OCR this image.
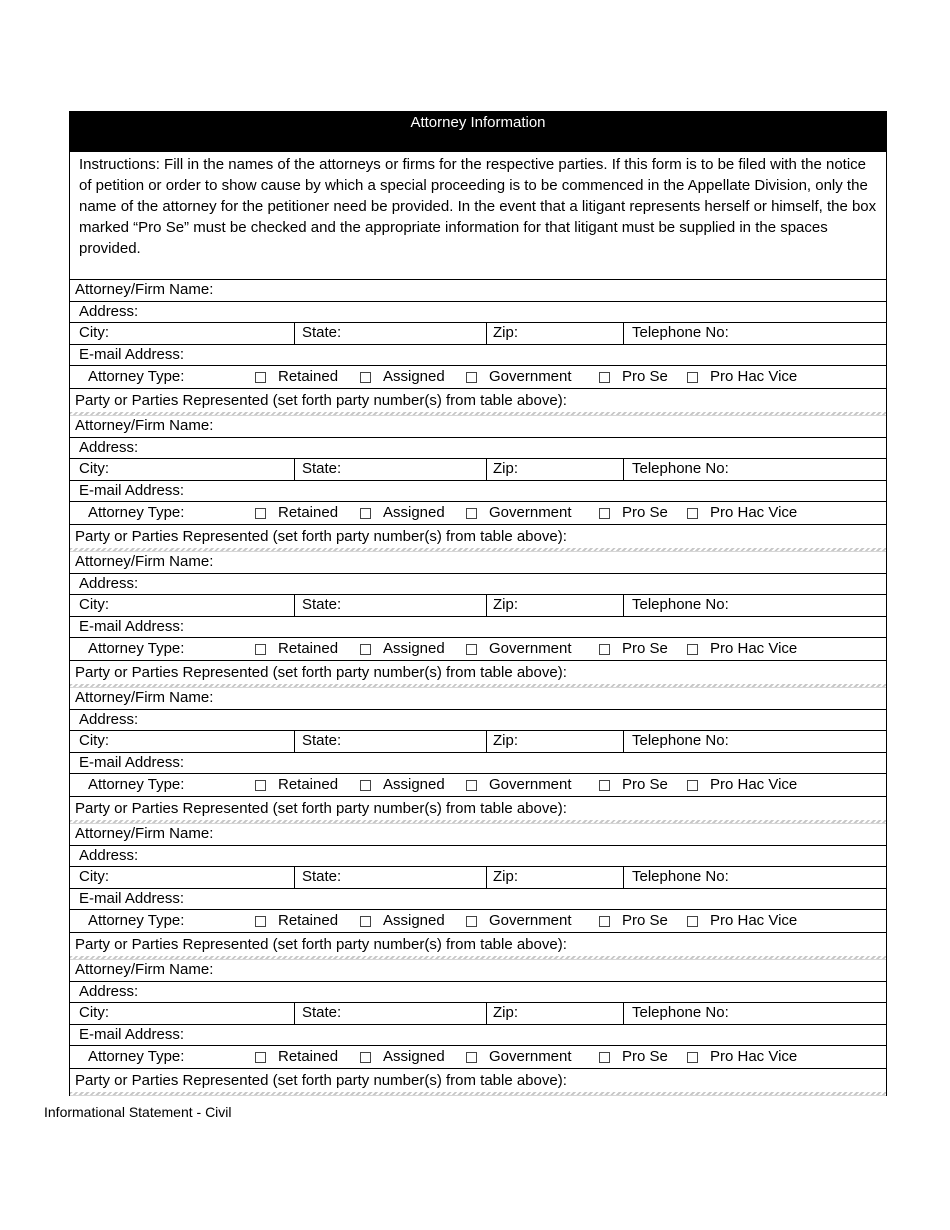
Attorney Information
Instructions: Fill in the names of the attorneys or firms for the respective parties. If this form is to be filed with the notice of petition or order to show cause by which a special proceeding is to be commenced in the Appellate Division, only the name of the attorney for the petitioner need be provided. In the event that a litigant represents herself or himself, the box marked “Pro Se” must be checked and the appropriate information for that litigant must be supplied in the spaces provided.
Attorney/Firm Name:
Address:
City:	State:	Zip:	Telephone No:
E-mail Address:
Attorney Type:	Retained	Assigned	Government	Pro Se	Pro Hac Vice
Party or Parties Represented (set forth party number(s) from table above):
Attorney/Firm Name:
Address:
City:	State:	Zip:	Telephone No:
E-mail Address:
Attorney Type:	Retained	Assigned	Government	Pro Se	Pro Hac Vice
Party or Parties Represented (set forth party number(s) from table above):
Attorney/Firm Name:
Address:
City:	State:	Zip:	Telephone No:
E-mail Address:
Attorney Type:	Retained	Assigned	Government	Pro Se	Pro Hac Vice
Party or Parties Represented (set forth party number(s) from table above):
Attorney/Firm Name:
Address:
City:	State:	Zip:	Telephone No:
E-mail Address:
Attorney Type:	Retained	Assigned	Government	Pro Se	Pro Hac Vice
Party or Parties Represented (set forth party number(s) from table above):
Attorney/Firm Name:
Address:
City:	State:	Zip:	Telephone No:
E-mail Address:
Attorney Type:	Retained	Assigned	Government	Pro Se	Pro Hac Vice
Party or Parties Represented (set forth party number(s) from table above):
Attorney/Firm Name:
Address:
City:	State:	Zip:	Telephone No:
E-mail Address:
Attorney Type:	Retained	Assigned	Government	Pro Se	Pro Hac Vice
Party or Parties Represented (set forth party number(s) from table above):
Informational Statement - Civil
